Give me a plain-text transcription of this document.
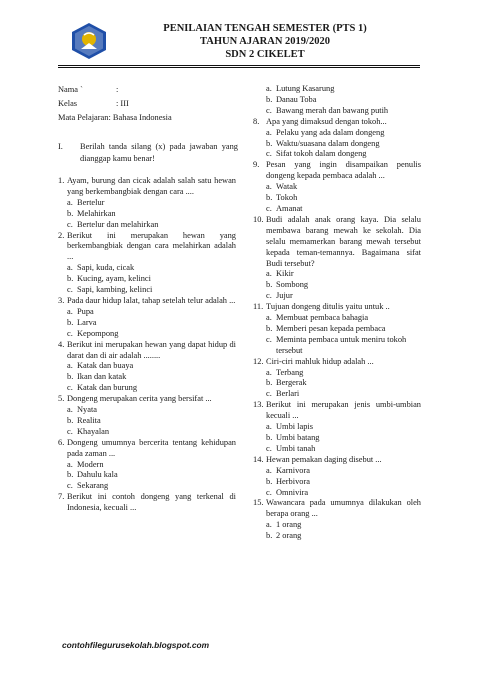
PENILAIAN TENGAH SEMESTER (PTS 1)
TAHUN AJARAN 2019/2020
SDN 2 CIKELET
Nama `	:
Kelas	: III
Mata Pelajaran: Bahasa Indonesia
I. Berilah tanda silang (x) pada jawaban yang dianggap kamu benar!
1. Ayam, burung dan cicak adalah salah satu hewan yang berkembangbiak dengan cara ....
a. Bertelur
b. Melahirkan
c. Bertelur dan melahirkan
2. Berikut ini merupakan hewan yang berkembangbiak dengan cara melahirkan adalah ...
a. Sapi, kuda, cicak
b. Kucing, ayam, kelinci
c. Sapi, kambing, kelinci
3. Pada daur hidup lalat, tahap setelah telur adalah ...
a. Pupa
b. Larva
c. Kepompong
4. Berikut ini merupakan hewan yang dapat hidup di darat dan di air adalah ........
a. Katak dan buaya
b. Ikan dan katak
c. Katak dan burung
5. Dongeng merupakan cerita yang bersifat ...
a. Nyata
b. Realita
c. Khayalan
6. Dongeng umumnya bercerita tentang kehidupan pada zaman ...
a. Modern
b. Dahulu kala
c. Sekarang
7. Berikut ini contoh dongeng yang terkenal di Indonesia, kecuali ...
a. Lutung Kasarung
b. Danau Toba
c. Bawang merah dan bawang putih
8. Apa yang dimaksud dengan tokoh...
a. Pelaku yang ada dalam dongeng
b. Waktu/suasana dalam dongeng
c. Sifat tokoh dalam dongeng
9. Pesan yang ingin disampaikan penulis dongeng kepada pembaca adalah ...
a. Watak
b. Tokoh
c. Amanat
10. Budi adalah anak orang kaya. Dia selalu membawa barang mewah ke sekolah. Dia selalu memamerkan barang mewah tersebut kepada teman-temannya. Bagaimana sifat Budi tersebut?
a. Kikir
b. Sombong
c. Jujur
11. Tujuan dongeng ditulis yaitu untuk ..
a. Membuat pembaca bahagia
b. Memberi pesan kepada pembaca
c. Meminta pembaca untuk meniru tokoh tersebut
12. Ciri-ciri mahluk hidup adalah ...
a. Terbang
b. Bergerak
c. Berlari
13. Berikut ini merupakan jenis umbi-umbian kecuali ...
a. Umbi lapis
b. Umbi batang
c. Umbi tanah
14. Hewan pemakan daging disebut ...
a. Karnivora
b. Herbivora
c. Omnivira
15. Wawancara pada umumnya dilakukan oleh berapa orang ...
a. 1 orang
b. 2 orang
contohfilegurusekolah.blogspot.com
